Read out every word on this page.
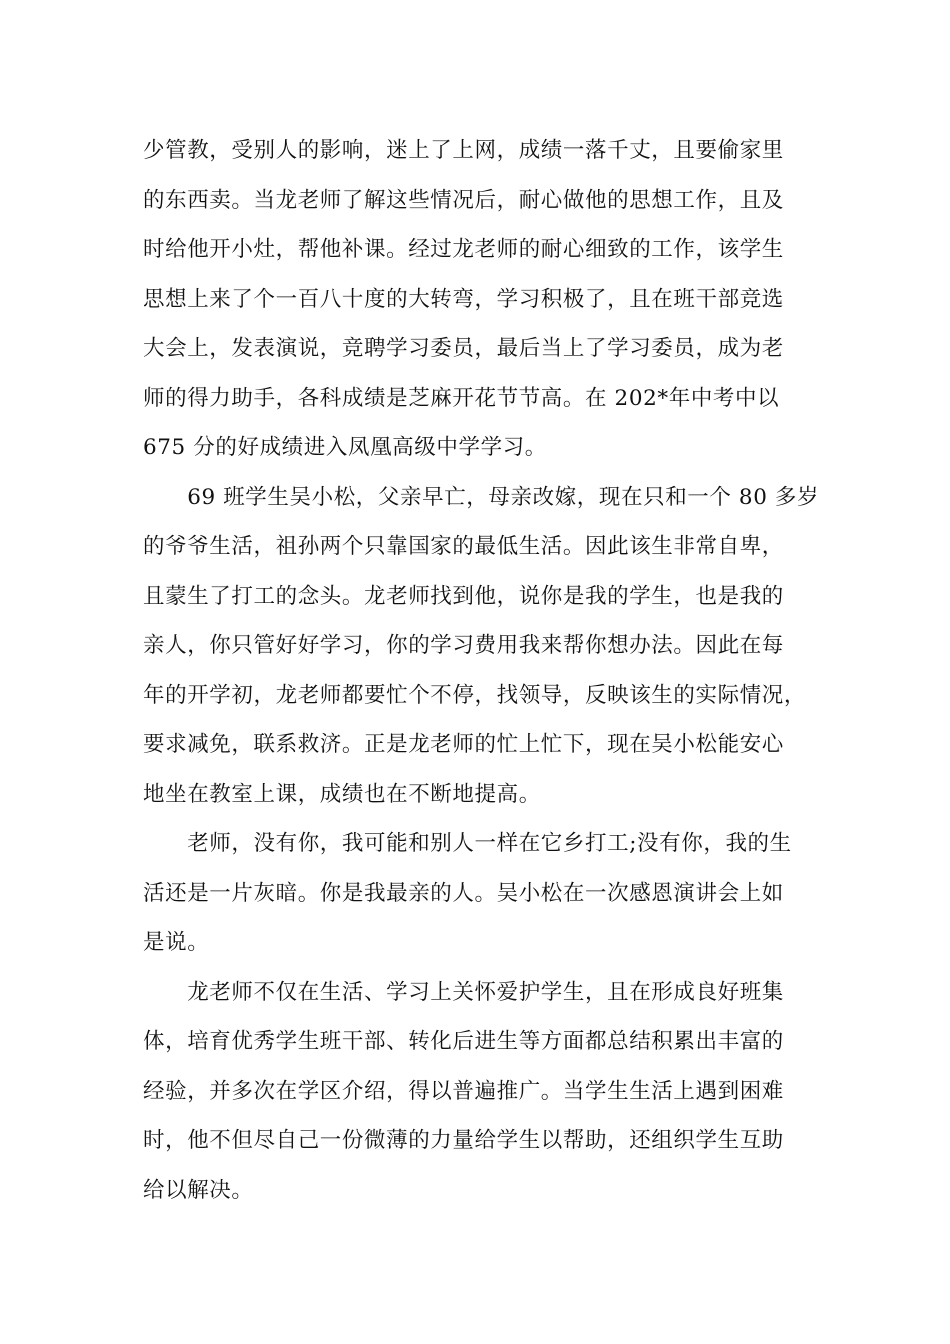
少管教，受别人的影响，迷上了上网，成绩一落千丈，且要偷家里
的东西卖。当龙老师了解这些情况后，耐心做他的思想工作，且及
时给他开小灶，帮他补课。经过龙老师的耐心细致的工作，该学生
思想上来了个一百八十度的大转弯，学习积极了，且在班干部竞选
大会上，发表演说，竞聘学习委员，最后当上了学习委员，成为老
师的得力助手，各科成绩是芝麻开花节节高。在 202*年中考中以
675 分的好成绩进入凤凰高级中学学习。
　　69 班学生吴小松，父亲早亡，母亲改嫁，现在只和一个 80 多岁
的爷爷生活，祖孙两个只靠国家的最低生活。因此该生非常自卑，
且蒙生了打工的念头。龙老师找到他，说你是我的学生，也是我的
亲人，你只管好好学习，你的学习费用我来帮你想办法。因此在每
年的开学初，龙老师都要忙个不停，找领导，反映该生的实际情况，
要求减免，联系救济。正是龙老师的忙上忙下，现在吴小松能安心
地坐在教室上课，成绩也在不断地提高。
　　老师，没有你，我可能和别人一样在它乡打工;没有你，我的生
活还是一片灰暗。你是我最亲的人。吴小松在一次感恩演讲会上如
是说。
　　龙老师不仅在生活、学习上关怀爱护学生，且在形成良好班集
体，培育优秀学生班干部、转化后进生等方面都总结积累出丰富的
经验，并多次在学区介绍，得以普遍推广。当学生生活上遇到困难
时，他不但尽自己一份微薄的力量给学生以帮助，还组织学生互助
给以解决。
